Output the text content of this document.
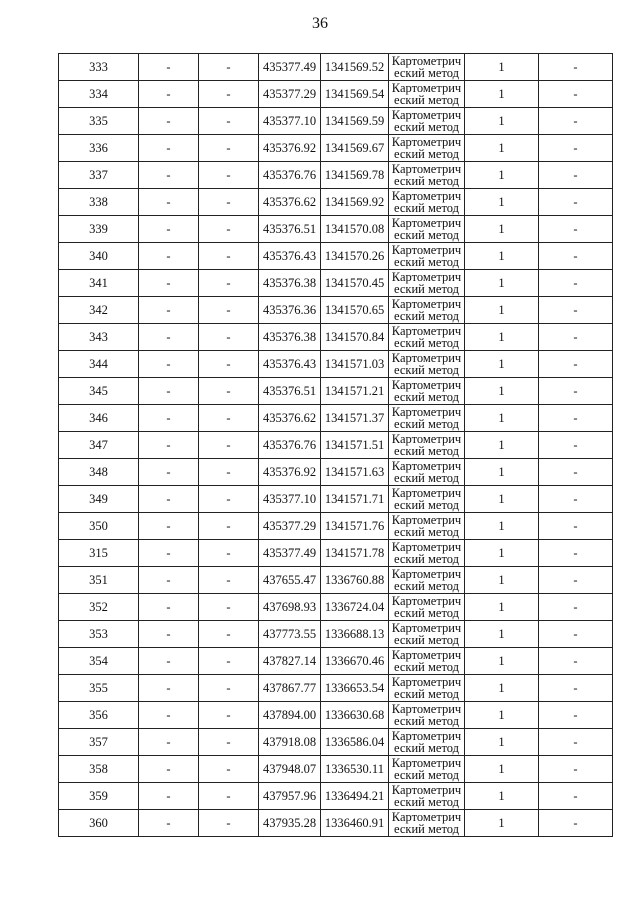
36
333	-	-	435377.49	1341569.52	Картометрич
еский метод	1	-
334	-	-	435377.29	1341569.54	Картометрич
еский метод	1	-
335	-	-	435377.10	1341569.59	Картометрич
еский метод	1	-
336	-	-	435376.92	1341569.67	Картометрич
еский метод	1	-
337	-	-	435376.76	1341569.78	Картометрич
еский метод	1	-
338	-	-	435376.62	1341569.92	Картометрич
еский метод	1	-
339	-	-	435376.51	1341570.08	Картометрич
еский метод	1	-
340	-	-	435376.43	1341570.26	Картометрич
еский метод	1	-
341	-	-	435376.38	1341570.45	Картометрич
еский метод	1	-
342	-	-	435376.36	1341570.65	Картометрич
еский метод	1	-
343	-	-	435376.38	1341570.84	Картометрич
еский метод	1	-
344	-	-	435376.43	1341571.03	Картометрич
еский метод	1	-
345	-	-	435376.51	1341571.21	Картометрич
еский метод	1	-
346	-	-	435376.62	1341571.37	Картометрич
еский метод	1	-
347	-	-	435376.76	1341571.51	Картометрич
еский метод	1	-
348	-	-	435376.92	1341571.63	Картометрич
еский метод	1	-
349	-	-	435377.10	1341571.71	Картометрич
еский метод	1	-
350	-	-	435377.29	1341571.76	Картометрич
еский метод	1	-
315	-	-	435377.49	1341571.78	Картометрич
еский метод	1	-
351	-	-	437655.47	1336760.88	Картометрич
еский метод	1	-
352	-	-	437698.93	1336724.04	Картометрич
еский метод	1	-
353	-	-	437773.55	1336688.13	Картометрич
еский метод	1	-
354	-	-	437827.14	1336670.46	Картометрич
еский метод	1	-
355	-	-	437867.77	1336653.54	Картометрич
еский метод	1	-
356	-	-	437894.00	1336630.68	Картометрич
еский метод	1	-
357	-	-	437918.08	1336586.04	Картометрич
еский метод	1	-
358	-	-	437948.07	1336530.11	Картометрич
еский метод	1	-
359	-	-	437957.96	1336494.21	Картометрич
еский метод	1	-
360	-	-	437935.28	1336460.91	Картометрич
еский метод	1	-
